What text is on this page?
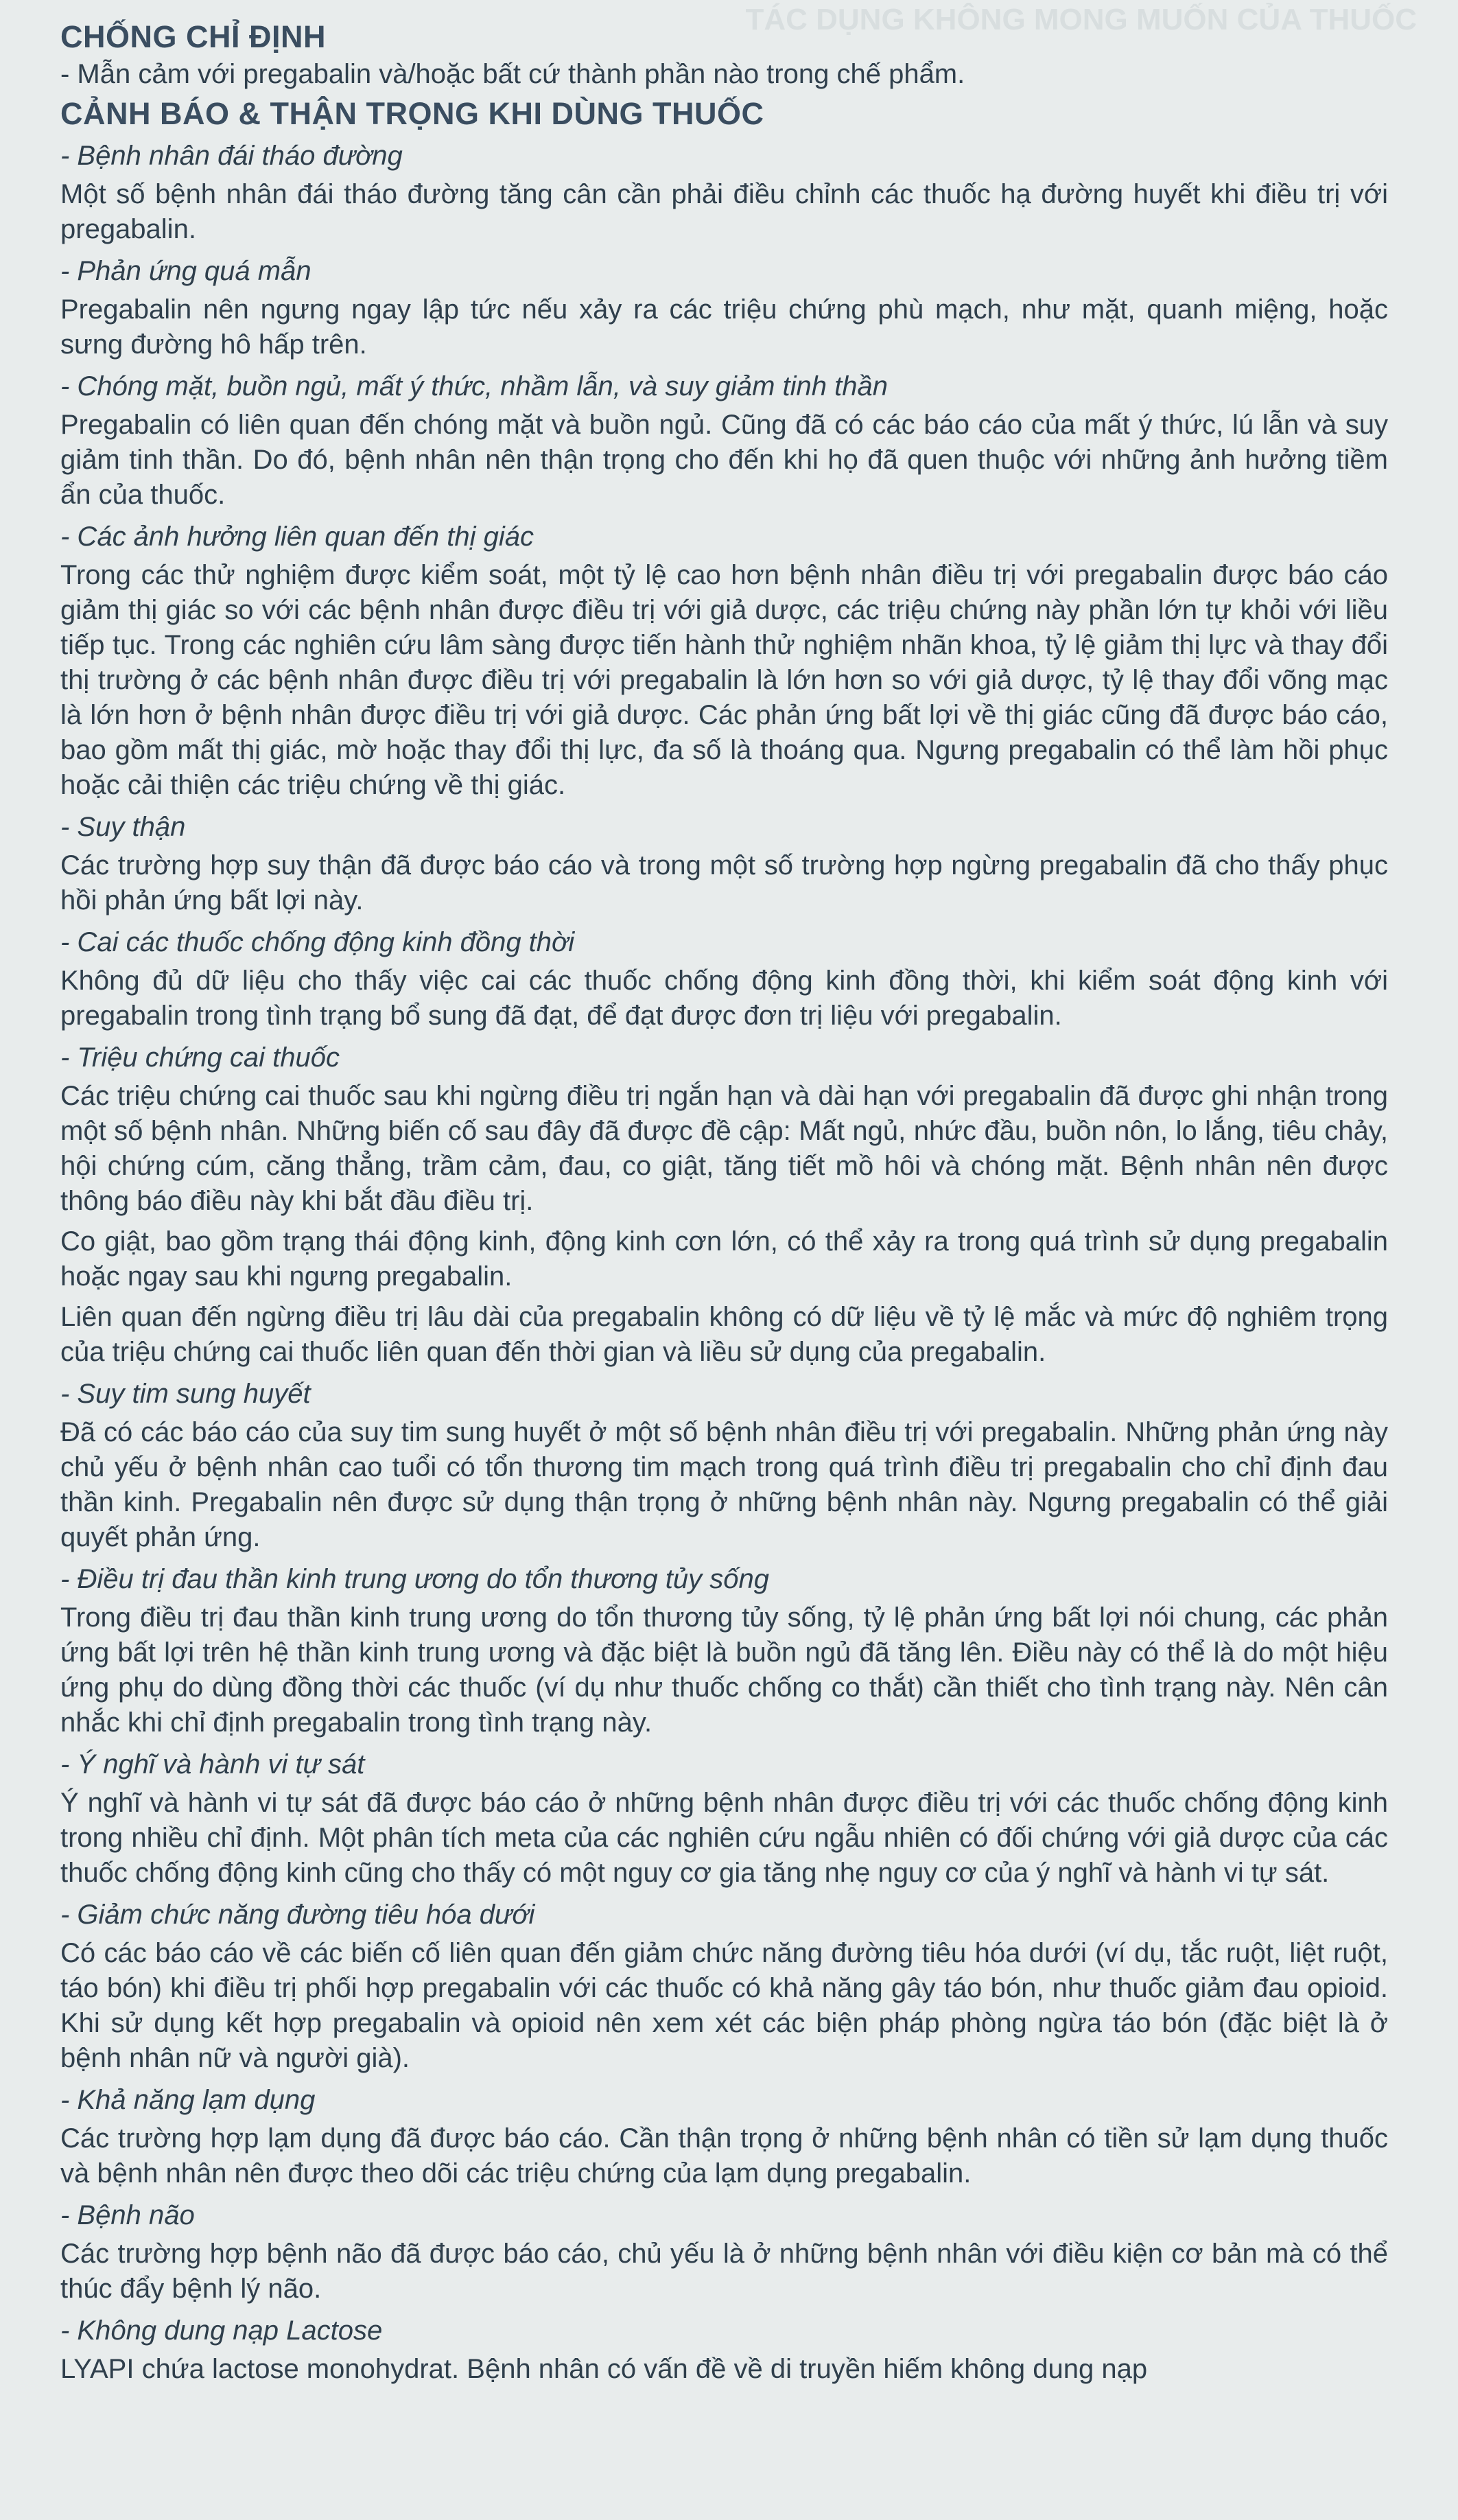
TÁC DỤNG KHÔNG MONG MUỐN CỦA THUỐC
CHỐNG CHỈ ĐỊNH

- Mẫn cảm với pregabalin và/hoặc bất cứ thành phần nào trong chế phẩm.

CẢNH BÁO & THẬN TRỌNG KHI DÙNG THUỐC

- Bệnh nhân đái tháo đường

Một số bệnh nhân đái tháo đường tăng cân cần phải điều chỉnh các thuốc hạ đường huyết khi điều trị với pregabalin.

- Phản ứng quá mẫn

Pregabalin nên ngưng ngay lập tức nếu xảy ra các triệu chứng phù mạch, như mặt, quanh miệng, hoặc sưng đường hô hấp trên.

- Chóng mặt, buồn ngủ, mất ý thức, nhầm lẫn, và suy giảm tinh thần

Pregabalin có liên quan đến chóng mặt và buồn ngủ. Cũng đã có các báo cáo của mất ý thức, lú lẫn và suy giảm tinh thần. Do đó, bệnh nhân nên thận trọng cho đến khi họ đã quen thuộc với những ảnh hưởng tiềm ẩn của thuốc.

- Các ảnh hưởng liên quan đến thị giác

Trong các thử nghiệm được kiểm soát, một tỷ lệ cao hơn bệnh nhân điều trị với pregabalin được báo cáo giảm thị giác so với các bệnh nhân được điều trị với giả dược, các triệu chứng này phần lớn tự khỏi với liều tiếp tục. Trong các nghiên cứu lâm sàng được tiến hành thử nghiệm nhãn khoa, tỷ lệ giảm thị lực và thay đổi thị trường ở các bệnh nhân được điều trị với pregabalin là lớn hơn so với giả dược, tỷ lệ thay đổi võng mạc là lớn hơn ở bệnh nhân được điều trị với giả dược. Các phản ứng bất lợi về thị giác cũng đã được báo cáo, bao gồm mất thị giác, mờ hoặc thay đổi thị lực, đa số là thoáng qua. Ngưng pregabalin có thể làm hồi phục hoặc cải thiện các triệu chứng về thị giác.

- Suy thận

Các trường hợp suy thận đã được báo cáo và trong một số trường hợp ngừng pregabalin đã cho thấy phục hồi phản ứng bất lợi này.

- Cai các thuốc chống động kinh đồng thời

Không đủ dữ liệu cho thấy việc cai các thuốc chống động kinh đồng thời, khi kiểm soát động kinh với pregabalin trong tình trạng bổ sung đã đạt, để đạt được đơn trị liệu với pregabalin.

- Triệu chứng cai thuốc

Các triệu chứng cai thuốc sau khi ngừng điều trị ngắn hạn và dài hạn với pregabalin đã được ghi nhận trong một số bệnh nhân. Những biến cố sau đây đã được đề cập: Mất ngủ, nhức đầu, buồn nôn, lo lắng, tiêu chảy, hội chứng cúm, căng thẳng, trầm cảm, đau, co giật, tăng tiết mồ hôi và chóng mặt. Bệnh nhân nên được thông báo điều này khi bắt đầu điều trị.

Co giật, bao gồm trạng thái động kinh, động kinh cơn lớn, có thể xảy ra trong quá trình sử dụng pregabalin hoặc ngay sau khi ngưng pregabalin.

Liên quan đến ngừng điều trị lâu dài của pregabalin không có dữ liệu về tỷ lệ mắc và mức độ nghiêm trọng của triệu chứng cai thuốc liên quan đến thời gian và liều sử dụng của pregabalin.

- Suy tim sung huyết

Đã có các báo cáo của suy tim sung huyết ở một số bệnh nhân điều trị với pregabalin. Những phản ứng này chủ yếu ở bệnh nhân cao tuổi có tổn thương tim mạch trong quá trình điều trị pregabalin cho chỉ định đau thần kinh. Pregabalin nên được sử dụng thận trọng ở những bệnh nhân này. Ngưng pregabalin có thể giải quyết phản ứng.

- Điều trị đau thần kinh trung ương do tổn thương tủy sống

Trong điều trị đau thần kinh trung ương do tổn thương tủy sống, tỷ lệ phản ứng bất lợi nói chung, các phản ứng bất lợi trên hệ thần kinh trung ương và đặc biệt là buồn ngủ đã tăng lên. Điều này có thể là do một hiệu ứng phụ do dùng đồng thời các thuốc (ví dụ như thuốc chống co thắt) cần thiết cho tình trạng này. Nên cân nhắc khi chỉ định pregabalin trong tình trạng này.

- Ý nghĩ và hành vi tự sát

Ý nghĩ và hành vi tự sát đã được báo cáo ở những bệnh nhân được điều trị với các thuốc chống động kinh trong nhiều chỉ định. Một phân tích meta của các nghiên cứu ngẫu nhiên có đối chứng với giả dược của các thuốc chống động kinh cũng cho thấy có một nguy cơ gia tăng nhẹ nguy cơ của ý nghĩ và hành vi tự sát.

- Giảm chức năng đường tiêu hóa dưới

Có các báo cáo về các biến cố liên quan đến giảm chức năng đường tiêu hóa dưới (ví dụ, tắc ruột, liệt ruột, táo bón) khi điều trị phối hợp pregabalin với các thuốc có khả năng gây táo bón, như thuốc giảm đau opioid. Khi sử dụng kết hợp pregabalin và opioid nên xem xét các biện pháp phòng ngừa táo bón (đặc biệt là ở bệnh nhân nữ và người già).

- Khả năng lạm dụng

Các trường hợp lạm dụng đã được báo cáo. Cần thận trọng ở những bệnh nhân có tiền sử lạm dụng thuốc và bệnh nhân nên được theo dõi các triệu chứng của lạm dụng pregabalin.

- Bệnh não

Các trường hợp bệnh não đã được báo cáo, chủ yếu là ở những bệnh nhân với điều kiện cơ bản mà có thể thúc đẩy bệnh lý não.

- Không dung nạp Lactose

LYAPI chứa lactose monohydrat. Bệnh nhân có vấn đề về di truyền hiếm không dung nạp
